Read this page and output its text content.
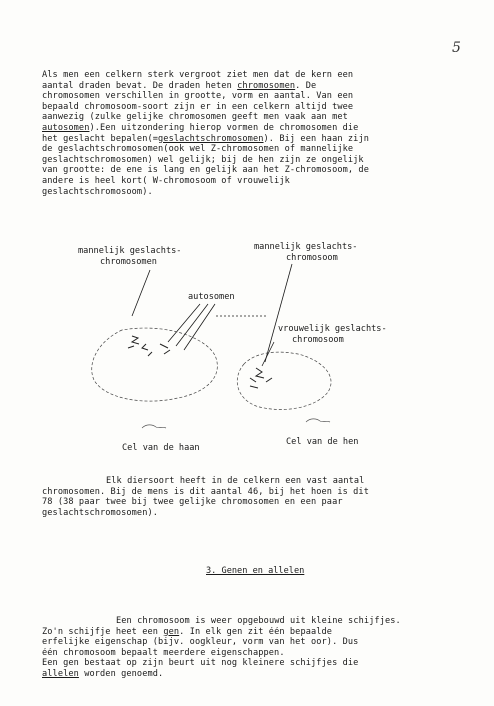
5
Als men een celkern sterk vergroot ziet men dat de kern een
aantal draden bevat. De draden heten chromosomen. De
chromosomen verschillen in grootte, vorm en aantal. Van een
bepaald chromosoom-soort zijn er in een celkern altijd twee
aanwezig (zulke gelijke chromosomen geeft men vaak aan met
autosomen).Een uitzondering hierop vormen de chromosomen die
het geslacht bepalen(=geslachtschromosomen). Bij een haan zijn
de geslachtschromosomen(ook wel Z-chromosomen of mannelijke
geslachtschromosomen) wel gelijk; bij de hen zijn ze ongelijk
van grootte: de ene is lang en gelijk aan het Z-chromosoom, de
andere is heel kort( W-chromosoom of vrouwelijk
geslachtschromosoom).
mannelijk geslachts-
chromosomen
mannelijk geslachts-
chromosoom
autosomen
vrouwelijk geslachts-
chromosoom
Cel van de haan
Cel van de hen
Elk diersoort heeft in de celkern een vast aantal
chromosomen. Bij de mens is dit aantal 46, bij het hoen is dit
78 (38 paar twee bij twee gelijke chromosomen en een paar
geslachtschromosomen).
3. Genen en allelen
Een chromosoom is weer opgebouwd uit kleine schijfjes.
Zo'n schijfje heet een gen. In elk gen zit één bepaalde
erfelijke eigenschap (bijv. oogkleur, vorm van het oor). Dus
één chromosoom bepaalt meerdere eigenschappen.
Een gen bestaat op zijn beurt uit nog kleinere schijfjes die
allelen worden genoemd.
